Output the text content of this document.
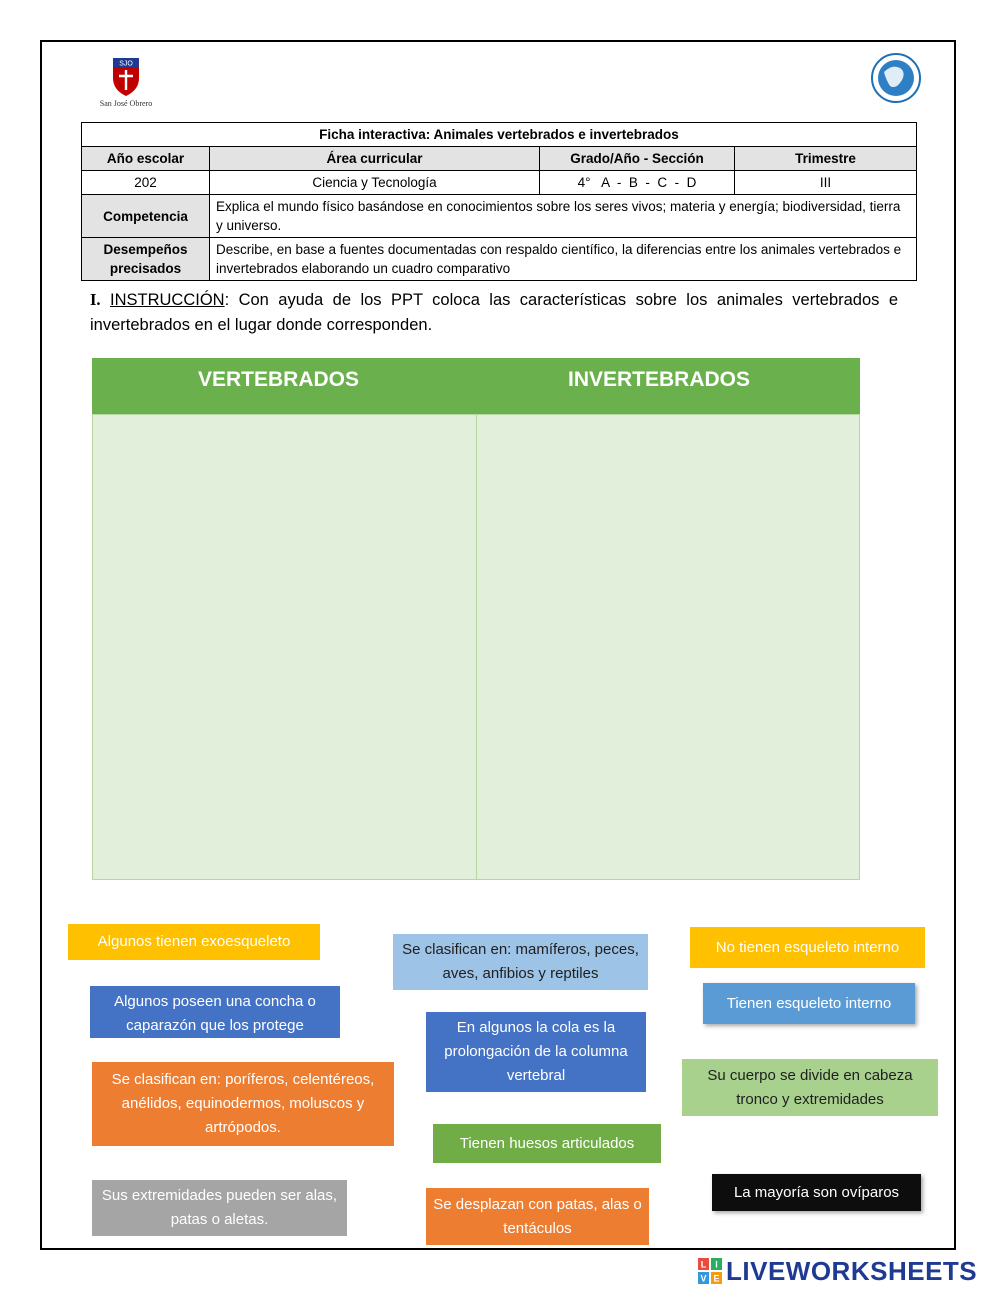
SJO
San José Obrero
Ficha interactiva: Animales vertebrados e invertebrados			
Año escolar	Área curricular	Grado/Año - Sección	Trimestre
202	Ciencia y Tecnología	4°   A  -  B  -  C  -  D	III
Competencia	Explica el mundo físico basándose en conocimientos sobre los seres vivos; materia y energía; biodiversidad, tierra y universo.		
Desempeños precisados	Describe, en base a fuentes documentadas con respaldo científico, la diferencias entre los animales vertebrados e invertebrados elaborando un cuadro comparativo		
I. INSTRUCCIÓN: Con ayuda de los PPT coloca las características sobre los animales vertebrados e invertebrados en el lugar donde corresponden.
VERTEBRADOS	INVERTEBRADOS
Algunos tienen exoesqueleto	Se clasifican en: mamíferos, peces, aves, anfibios y reptiles
No tienen esqueleto interno
Algunos poseen una concha o caparazón que los protege
Tienen esqueleto interno
En algunos la cola es la prolongación de la columna vertebral
Se clasifican en: poríferos, celentéreos, anélidos, equinodermos, moluscos y artrópodos.
Su cuerpo se divide en cabeza tronco y extremidades
Tienen huesos articulados
Sus extremidades pueden ser alas, patas o aletas.
La mayoría son ovíparos
Se desplazan con patas, alas o tentáculos
L I
V E LIVEWORKSHEETS
